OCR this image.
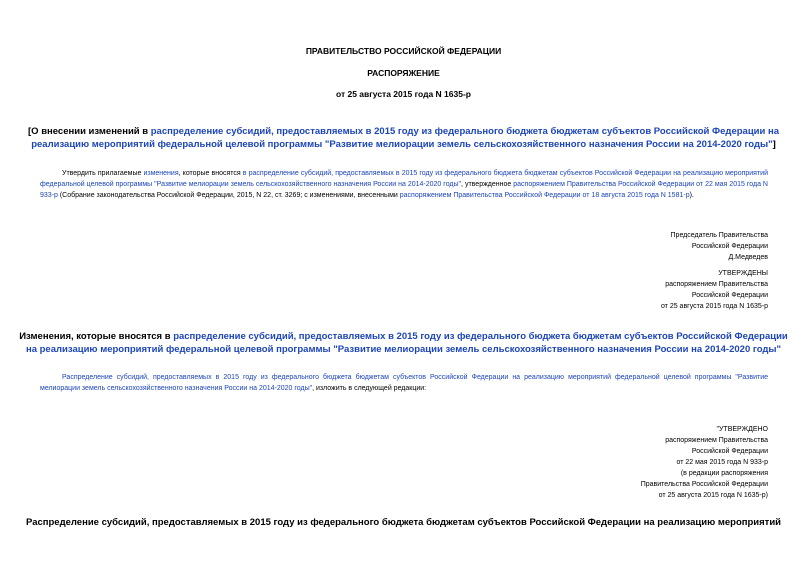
ПРАВИТЕЛЬСТВО РОССИЙСКОЙ ФЕДЕРАЦИИ
РАСПОРЯЖЕНИЕ
от 25 августа 2015 года N 1635-р
[О внесении изменений в распределение субсидий, предоставляемых в 2015 году из федерального бюджета бюджетам субъектов Российской Федерации на
реализацию мероприятий федеральной целевой программы "Развитие мелиорации земель сельскохозяйственного назначения России на 2014-2020 годы"]
Утвердить прилагаемые изменения, которые вносятся в распределение субсидий, предоставляемых в 2015 году из федерального бюджета бюджетам субъектов Российской Федерации на реализацию мероприятий федеральной целевой программы "Развитие мелиорации земель сельскохозяйственного назначения России на 2014-2020 годы", утвержденное распоряжением Правительства Российской Федерации от 22 мая 2015 года N 933-р (Собрание законодательства Российской Федерации, 2015, N 22, ст. 3269; с изменениями, внесенными распоряжением Правительства Российской Федерации от 18 августа 2015 года N 1581-р).
Председатель Правительства
Российской Федерации
Д.Медведев
УТВЕРЖДЕНЫ
распоряжением Правительства
Российской Федерации
от 25 августа 2015 года N 1635-р
Изменения, которые вносятся в распределение субсидий, предоставляемых в 2015 году из федерального бюджета бюджетам субъектов Российской Федерации
на реализацию мероприятий федеральной целевой программы "Развитие мелиорации земель сельскохозяйственного назначения России на 2014-2020 годы"
Распределение субсидий, предоставляемых в 2015 году из федерального бюджета бюджетам субъектов Российской Федерации на реализацию мероприятий федеральной целевой программы "Развитие мелиорации земель сельскохозяйственного назначения России на 2014-2020 годы", изложить в следующей редакции:
"УТВЕРЖДЕНО
распоряжением Правительства
Российской Федерации
от 22 мая 2015 года N 933-р
(в редакции распоряжения
Правительства Российской Федерации
от 25 августа 2015 года N 1635-р)
Распределение субсидий, предоставляемых в 2015 году из федерального бюджета бюджетам субъектов Российской Федерации на реализацию мероприятий
